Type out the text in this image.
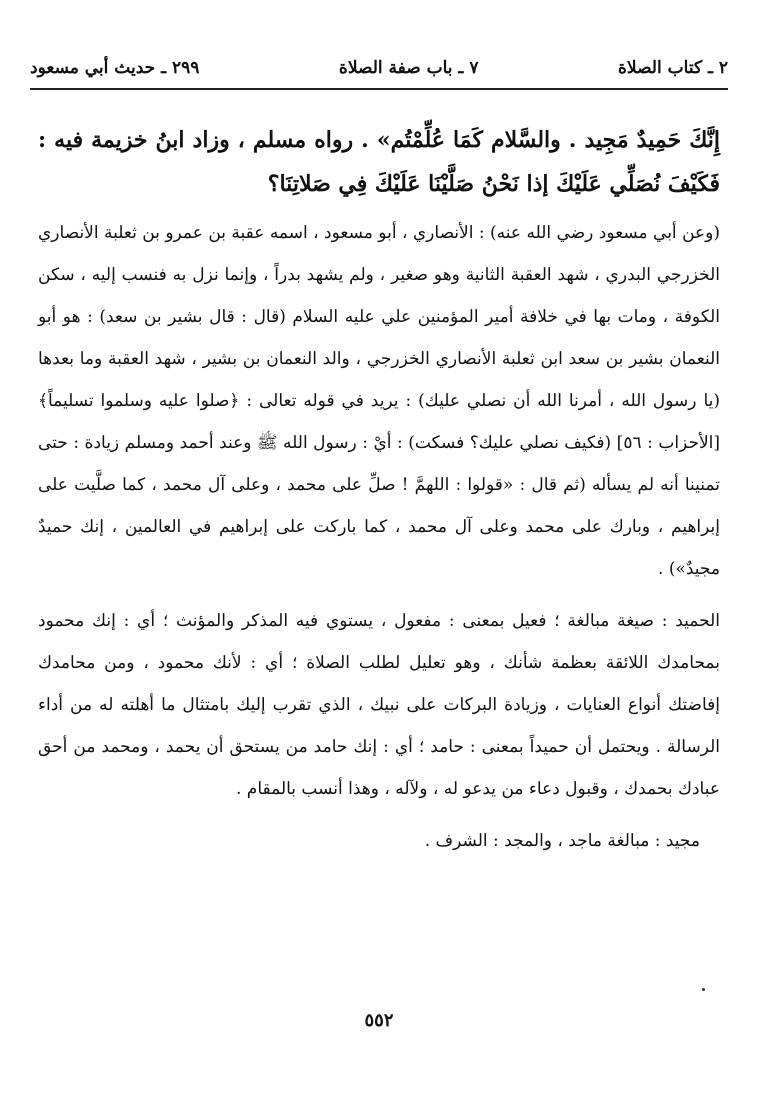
٢ ـ كتاب الصلاة
٧ ـ باب صفة الصلاة
٢٩٩ ـ حديث أبي مسعود

إِنَّكَ حَمِيدٌ مَجِيد . والسَّلام كَمَا عُلِّمْتُم» . رواه مسلم ، وزاد ابنُ خزيمة فيه : فَكَيْفَ نُصَلِّي عَلَيْكَ إذا نَحْنُ صَلَّيْنَا عَلَيْكَ فِي صَلاتِنَا؟

(وعن أبي مسعود رضي الله عنه) : الأنصاري ، أبو مسعود ، اسمه عقبة بن عمرو بن ثعلبة الأنصاري الخزرجي البدري ، شهد العقبة الثانية وهو صغير ، ولم يشهد بدراً ، وإنما نزل به فنسب إليه ، سكن الكوفة ، ومات بها في خلافة أمير المؤمنين علي عليه السلام (قال : قال بشير بن سعد) : هو أبو النعمان بشير بن سعد ابن ثعلبة الأنصاري الخزرجي ، والد النعمان بن بشير ، شهد العقبة وما بعدها (يا رسول الله ، أمرنا الله أن نصلي عليك) : يريد في قوله تعالى : ﴿صلوا عليه وسلموا تسليماً﴾ [الأحزاب : ٥٦] (فكيف نصلي عليك؟ فسكت) : أيْ : رسول الله ﷺ وعند أحمد ومسلم زيادة : حتى تمنينا أنه لم يسأله (ثم قال : «قولوا : اللهمَّ ! صلِّ على محمد ، وعلى آل محمد ، كما صلَّيت على إبراهيم ، وبارك على محمد وعلى آل محمد ، كما باركت على إبراهيم في العالمين ، إنك حميدٌ مجيدٌ») .

الحميد : صيغة مبالغة ؛ فعيل بمعنى : مفعول ، يستوي فيه المذكر والمؤنث ؛ أي : إنك محمود بمحامدك اللائقة بعظمة شأنك ، وهو تعليل لطلب الصلاة ؛ أي : لأنك محمود ، ومن محامدك إفاضتك أنواع العنايات ، وزيادة البركات على نبيك ، الذي تقرب إليك بامتثال ما أهلته له من أداء الرسالة . ويحتمل أن حميداً بمعنى : حامد ؛ أي : إنك حامد من يستحق أن يحمد ، ومحمد من أحق عبادك بحمدك ، وقبول دعاء من يدعو له ، ولآله ، وهذا أنسب بالمقام .

مجيد : مبالغة ماجد ، والمجد : الشرف .

٥٥٢
